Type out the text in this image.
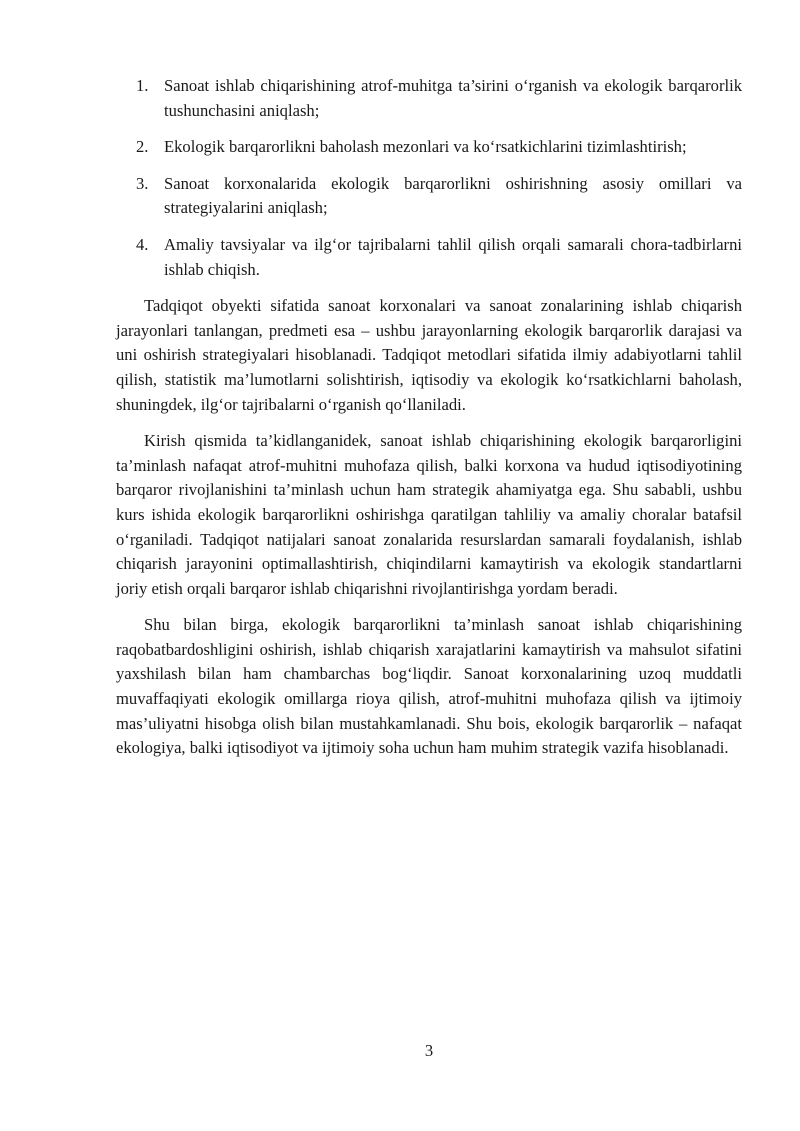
1. Sanoat ishlab chiqarishining atrof-muhitga ta’sirini o‘rganish va ekologik barqarorlik tushunchasini aniqlash;
2. Ekologik barqarorlikni baholash mezonlari va ko‘rsatkichlarini tizimlashtirish;
3. Sanoat korxonalarida ekologik barqarorlikni oshirishning asosiy omillari va strategiyalarini aniqlash;
4. Amaliy tavsiyalar va ilg‘or tajribalarni tahlil qilish orqali samarali chora-tadbirlarni ishlab chiqish.

Tadqiqot obyekti sifatida sanoat korxonalari va sanoat zonalarining ishlab chiqarish jarayonlari tanlangan, predmeti esa – ushbu jarayonlarning ekologik barqarorlik darajasi va uni oshirish strategiyalari hisoblanadi. Tadqiqot metodlari sifatida ilmiy adabiyotlarni tahlil qilish, statistik ma’lumotlarni solishtirish, iqtisodiy va ekologik ko‘rsatkichlarni baholash, shuningdek, ilg‘or tajribalarni o‘rganish qo‘llaniladi.

Kirish qismida ta’kidlanganidek, sanoat ishlab chiqarishining ekologik barqarorligini ta’minlash nafaqat atrof-muhitni muhofaza qilish, balki korxona va hudud iqtisodiyotining barqaror rivojlanishini ta’minlash uchun ham strategik ahamiyatga ega. Shu sababli, ushbu kurs ishida ekologik barqarorlikni oshirishga qaratilgan tahliliy va amaliy choralar batafsil o‘rganiladi. Tadqiqot natijalari sanoat zonalarida resurslardan samarali foydalanish, ishlab chiqarish jarayonini optimallashtirish, chiqindilarni kamaytirish va ekologik standartlarni joriy etish orqali barqaror ishlab chiqarishni rivojlantirishga yordam beradi.

Shu bilan birga, ekologik barqarorlikni ta’minlash sanoat ishlab chiqarishining raqobatbardoshligini oshirish, ishlab chiqarish xarajatlarini kamaytirish va mahsulot sifatini yaxshilash bilan ham chambarchas bog‘liqdir. Sanoat korxonalarining uzoq muddatli muvaffaqiyati ekologik omillarga rioya qilish, atrof-muhitni muhofaza qilish va ijtimoiy mas’uliyatni hisobga olish bilan mustahkamlanadi. Shu bois, ekologik barqarorlik – nafaqat ekologiya, balki iqtisodiyot va ijtimoiy soha uchun ham muhim strategik vazifa hisoblanadi.

3
